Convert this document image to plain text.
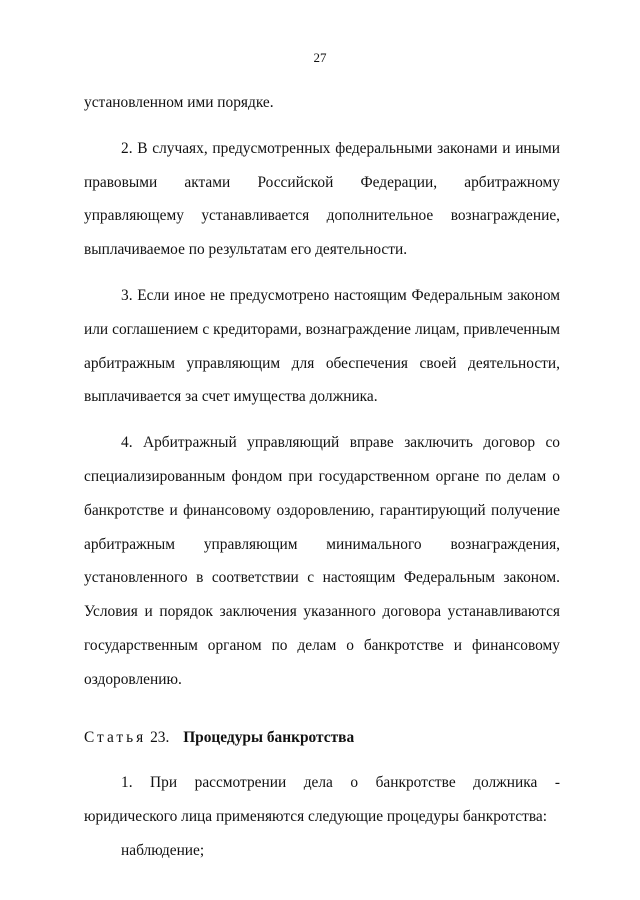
27

установленном ими порядке.

2. В случаях, предусмотренных федеральными законами и иными правовыми актами Российской Федерации, арбитражному управляющему устанавливается дополнительное вознаграждение, выплачиваемое по результатам его деятельности.

3. Если иное не предусмотрено настоящим Федеральным законом или соглашением с кредиторами, вознаграждение лицам, привлеченным арбитражным управляющим для обеспечения своей деятельности, выплачивается за счет имущества должника.

4. Арбитражный управляющий вправе заключить договор со специализированным фондом при государственном органе по делам о банкротстве и финансовому оздоровлению, гарантирующий получение арбитражным управляющим минимального вознаграждения, установленного в соответствии с настоящим Федеральным законом. Условия и порядок заключения указанного договора устанавливаются государственным органом по делам о банкротстве и финансовому оздоровлению.

Статья 23. Процедуры банкротства

1. При рассмотрении дела о банкротстве должника - юридического лица применяются следующие процедуры банкротства:

наблюдение;
